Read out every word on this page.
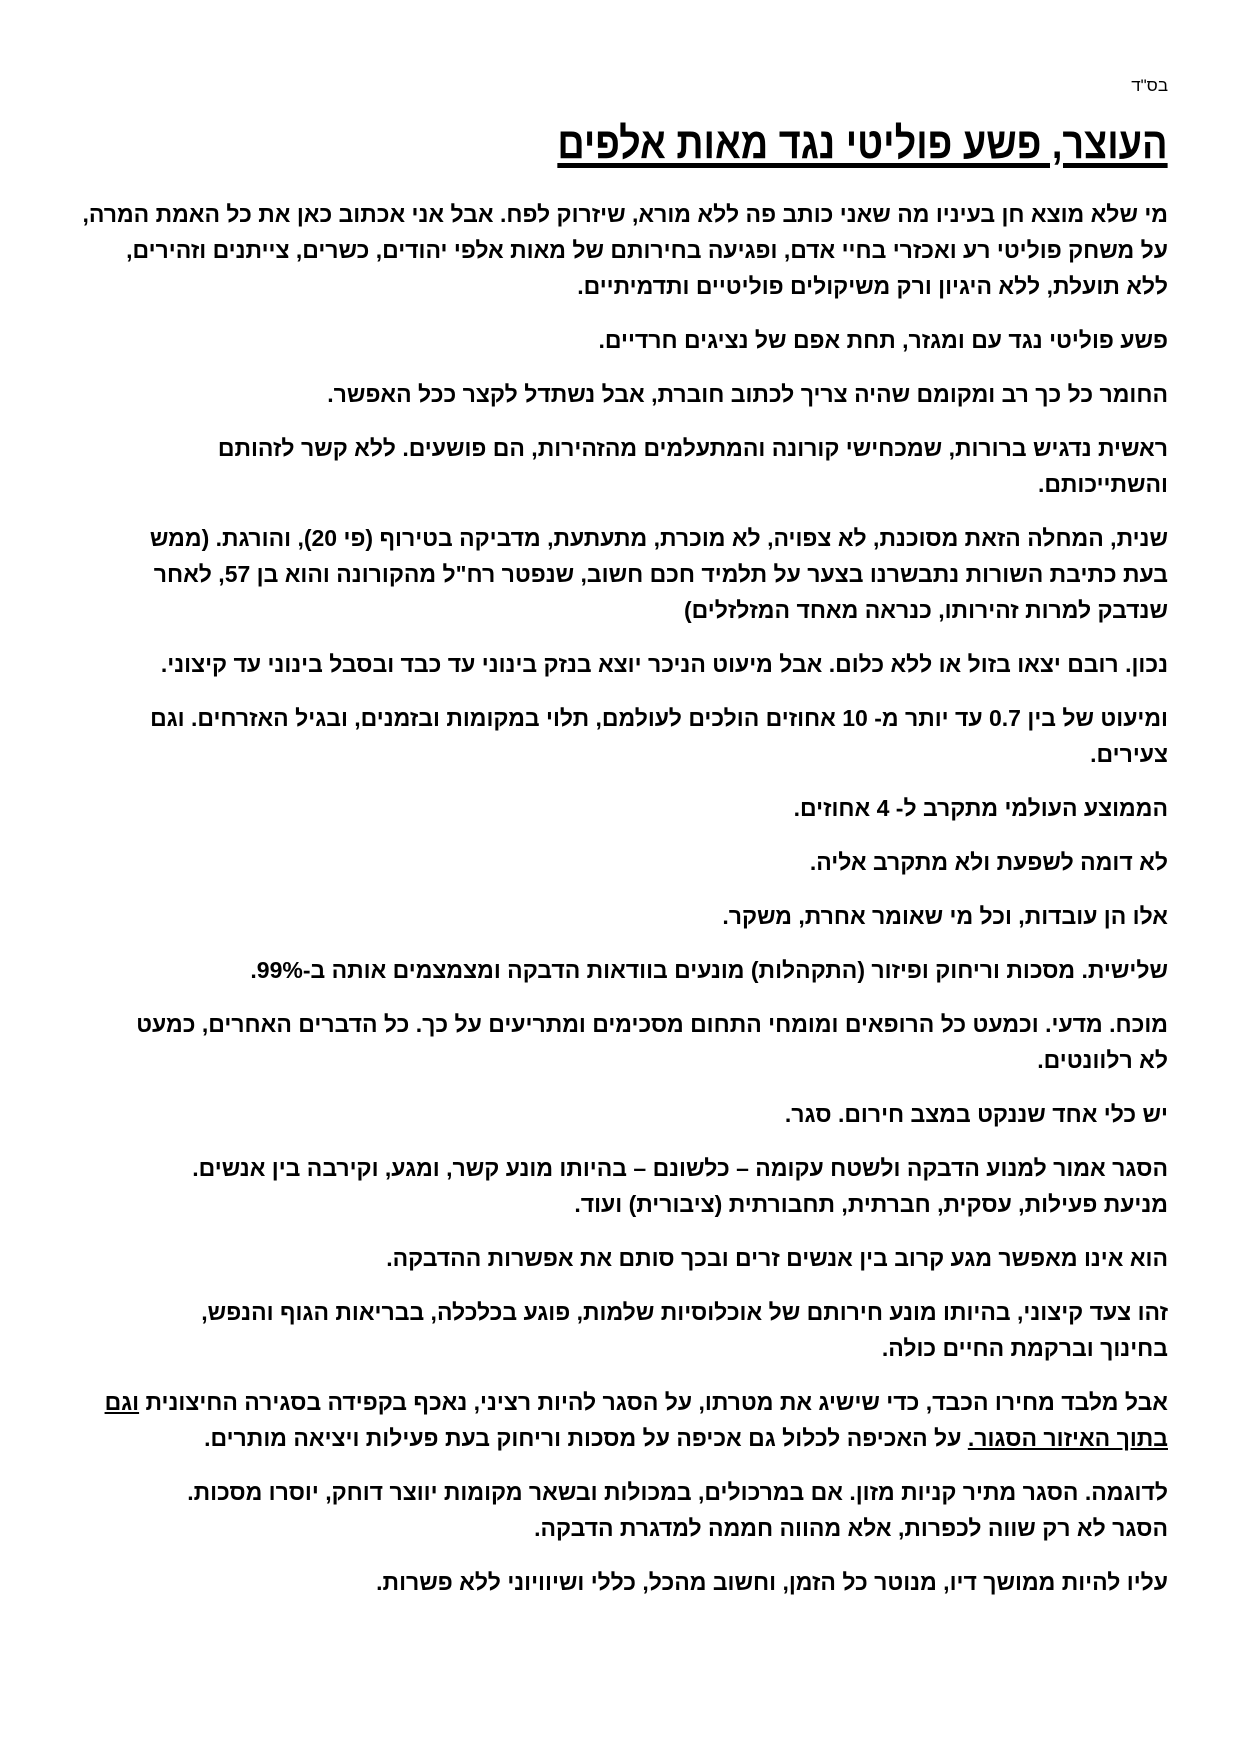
בס"ד
העוצר, פשע פוליטי נגד מאות אלפים

מי שלא מוצא חן בעיניו מה שאני כותב פה ללא מורא, שיזרוק לפח. אבל אני אכתוב כאן את כל האמת המרה, על משחק פוליטי רע ואכזרי בחיי אדם, ופגיעה בחירותם של מאות אלפי יהודים, כשרים, צייתנים וזהירים, ללא תועלת, ללא היגיון ורק משיקולים פוליטיים ותדמיתיים.

פשע פוליטי נגד עם ומגזר, תחת אפם של נציגים חרדיים.

החומר כל כך רב ומקומם שהיה צריך לכתוב חוברת, אבל נשתדל לקצר ככל האפשר.

ראשית נדגיש ברורות, שמכחישי קורונה והמתעלמים מהזהירות, הם פושעים. ללא קשר לזהותם והשתייכותם.

שנית, המחלה הזאת מסוכנת, לא צפויה, לא מוכרת, מתעתעת, מדביקה בטירוף (פי 20), והורגת. (ממש בעת כתיבת השורות נתבשרנו בצער על תלמיד חכם חשוב, שנפטר רח"ל מהקורונה והוא בן 57, לאחר שנדבק למרות זהירותו, כנראה מאחד המזלזלים)

נכון. רובם יצאו בזול או ללא כלום. אבל מיעוט הניכר יוצא בנזק בינוני עד כבד ובסבל בינוני עד קיצוני.

ומיעוט של בין 0.7 עד יותר מ- 10 אחוזים הולכים לעולמם, תלוי במקומות ובזמנים, ובגיל האזרחים. וגם צעירים.

הממוצע העולמי מתקרב ל- 4 אחוזים.

לא דומה לשפעת ולא מתקרב אליה.

אלו הן עובדות, וכל מי שאומר אחרת, משקר.

שלישית. מסכות וריחוק ופיזור (התקהלות) מונעים בוודאות הדבקה ומצמצמים אותה ב-99%.

מוכח. מדעי. וכמעט כל הרופאים ומומחי התחום מסכימים ומתריעים על כך. כל הדברים האחרים, כמעט לא רלוונטים.

יש כלי אחד שננקט במצב חירום. סגר.

הסגר אמור למנוע הדבקה ולשטח עקומה – כלשונם – בהיותו מונע קשר, ומגע, וקירבה בין אנשים. מניעת פעילות, עסקית, חברתית, תחבורתית (ציבורית) ועוד.

הוא אינו מאפשר מגע קרוב בין אנשים זרים ובכך סותם את אפשרות ההדבקה.

זהו צעד קיצוני, בהיותו מונע חירותם של אוכלוסיות שלמות, פוגע בכלכלה, בבריאות הגוף והנפש, בחינוך וברקמת החיים כולה.

אבל מלבד מחירו הכבד, כדי שישיג את מטרתו, על הסגר להיות רציני, נאכף בקפידה בסגירה החיצונית וגם בתוך האיזור הסגור. על האכיפה לכלול גם אכיפה על מסכות וריחוק בעת פעילות ויציאה מותרים.

לדוגמה. הסגר מתיר קניות מזון. אם במרכולים, במכולות ובשאר מקומות יווצר דוחק, יוסרו מסכות. הסגר לא רק שווה לכפרות, אלא מהווה חממה למדגרת הדבקה.

עליו להיות ממושך דיו, מנוטר כל הזמן, וחשוב מהכל, כללי ושיוויוני ללא פשרות.
